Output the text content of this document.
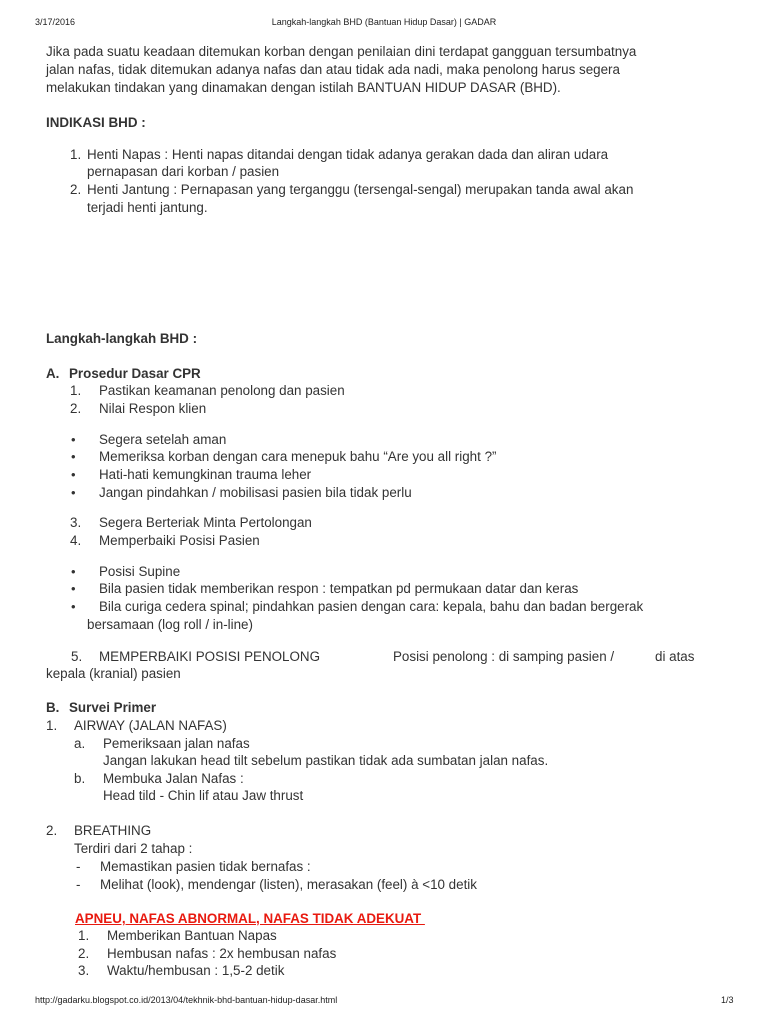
3/17/2016	Langkah-langkah BHD (Bantuan Hidup Dasar) | GADAR
Jika pada suatu keadaan ditemukan korban dengan penilaian dini terdapat gangguan tersumbatnya
jalan nafas, tidak ditemukan adanya nafas dan atau tidak ada nadi, maka penolong harus segera
melakukan tindakan yang dinamakan dengan istilah BANTUAN HIDUP DASAR (BHD).
INDIKASI BHD :
1. Henti Napas : Henti napas ditandai dengan tidak adanya gerakan dada dan aliran udara
pernapasan dari korban / pasien
2. Henti Jantung : Pernapasan yang terganggu (tersengal-sengal) merupakan tanda awal akan
terjadi henti jantung.
Langkah-langkah BHD :
A. Prosedur Dasar CPR
1. Pastikan keamanan penolong dan pasien
2. Nilai Respon klien
• Segera setelah aman
• Memeriksa korban dengan cara menepuk bahu “Are you all right ?”
• Hati-hati kemungkinan trauma leher
• Jangan pindahkan / mobilisasi pasien bila tidak perlu
3. Segera Berteriak Minta Pertolongan
4. Memperbaiki Posisi Pasien
• Posisi Supine
• Bila pasien tidak memberikan respon : tempatkan pd permukaan datar dan keras
• Bila curiga cedera spinal; pindahkan pasien dengan cara: kepala, bahu dan badan bergerak
bersamaan (log roll / in-line)
5. MEMPERBAIKI POSISI PENOLONG	Posisi penolong : di samping pasien /	di atas
kepala (kranial) pasien
B. Survei Primer
1. AIRWAY (JALAN NAFAS)
a. Pemeriksaan jalan nafas
Jangan lakukan head tilt sebelum pastikan tidak ada sumbatan jalan nafas.
b. Membuka Jalan Nafas :
Head tild - Chin lif atau Jaw thrust
2. BREATHING
Terdiri dari 2 tahap :
- Memastikan pasien tidak bernafas :
- Melihat (look), mendengar (listen), merasakan (feel) à <10 detik
APNEU, NAFAS ABNORMAL, NAFAS TIDAK ADEKUAT
1. Memberikan Bantuan Napas
2. Hembusan nafas : 2x hembusan nafas
3. Waktu/hembusan : 1,5-2 detik
http://gadarku.blogspot.co.id/2013/04/tekhnik-bhd-bantuan-hidup-dasar.html	1/3
